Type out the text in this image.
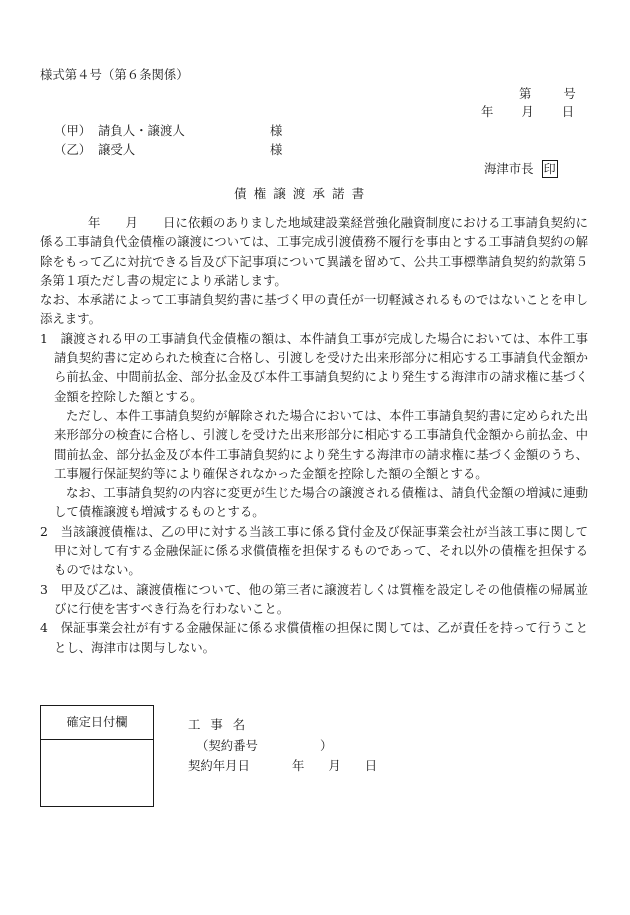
様式第４号（第６条関係）
第	号
年 月 日
（甲） 請負人・譲渡人	様
（乙） 譲受人	様
海津市長 印
債権譲渡承諾書

年　　月　　日に依頼のありました地域建設業経営強化融資制度における工事請負契約に係る工事請負代金債権の譲渡については、工事完成引渡債務不履行を事由とする工事請負契約の解除をもって乙に対抗できる旨及び下記事項について異議を留めて、公共工事標準請負契約約款第５条第１項ただし書の規定により承諾します。

なお、本承諾によって工事請負契約書に基づく甲の責任が一切軽減されるものではないことを申し添えます。

1　譲渡される甲の工事請負代金債権の額は、本件請負工事が完成した場合においては、本件工事請負契約書に定められた検査に合格し、引渡しを受けた出来形部分に相応する工事請負代金額から前払金、中間前払金、部分払金及び本件工事請負契約により発生する海津市の請求権に基づく金額を控除した額とする。

ただし、本件工事請負契約が解除された場合においては、本件工事請負契約書に定められた出来形部分の検査に合格し、引渡しを受けた出来形部分に相応する工事請負代金額から前払金、中間前払金、部分払金及び本件工事請負契約により発生する海津市の請求権に基づく金額のうち、工事履行保証契約等により確保されなかった金額を控除した額の全額とする。

なお、工事請負契約の内容に変更が生じた場合の譲渡される債権は、請負代金額の増減に連動して債権譲渡も増減するものとする。

2　当該譲渡債権は、乙の甲に対する当該工事に係る貸付金及び保証事業会社が当該工事に関して甲に対して有する金融保証に係る求償債権を担保するものであって、それ以外の債権を担保するものではない。

3　甲及び乙は、譲渡債権について、他の第三者に譲渡若しくは質権を設定しその他債権の帰属並びに行使を害すべき行為を行わないこと。

4　保証事業会社が有する金融保証に係る求償債権の担保に関しては、乙が責任を持って行うこととし、海津市は関与しない。

確定日付欄	工事名
（契約番号	）
契約年月日	年 月 日
